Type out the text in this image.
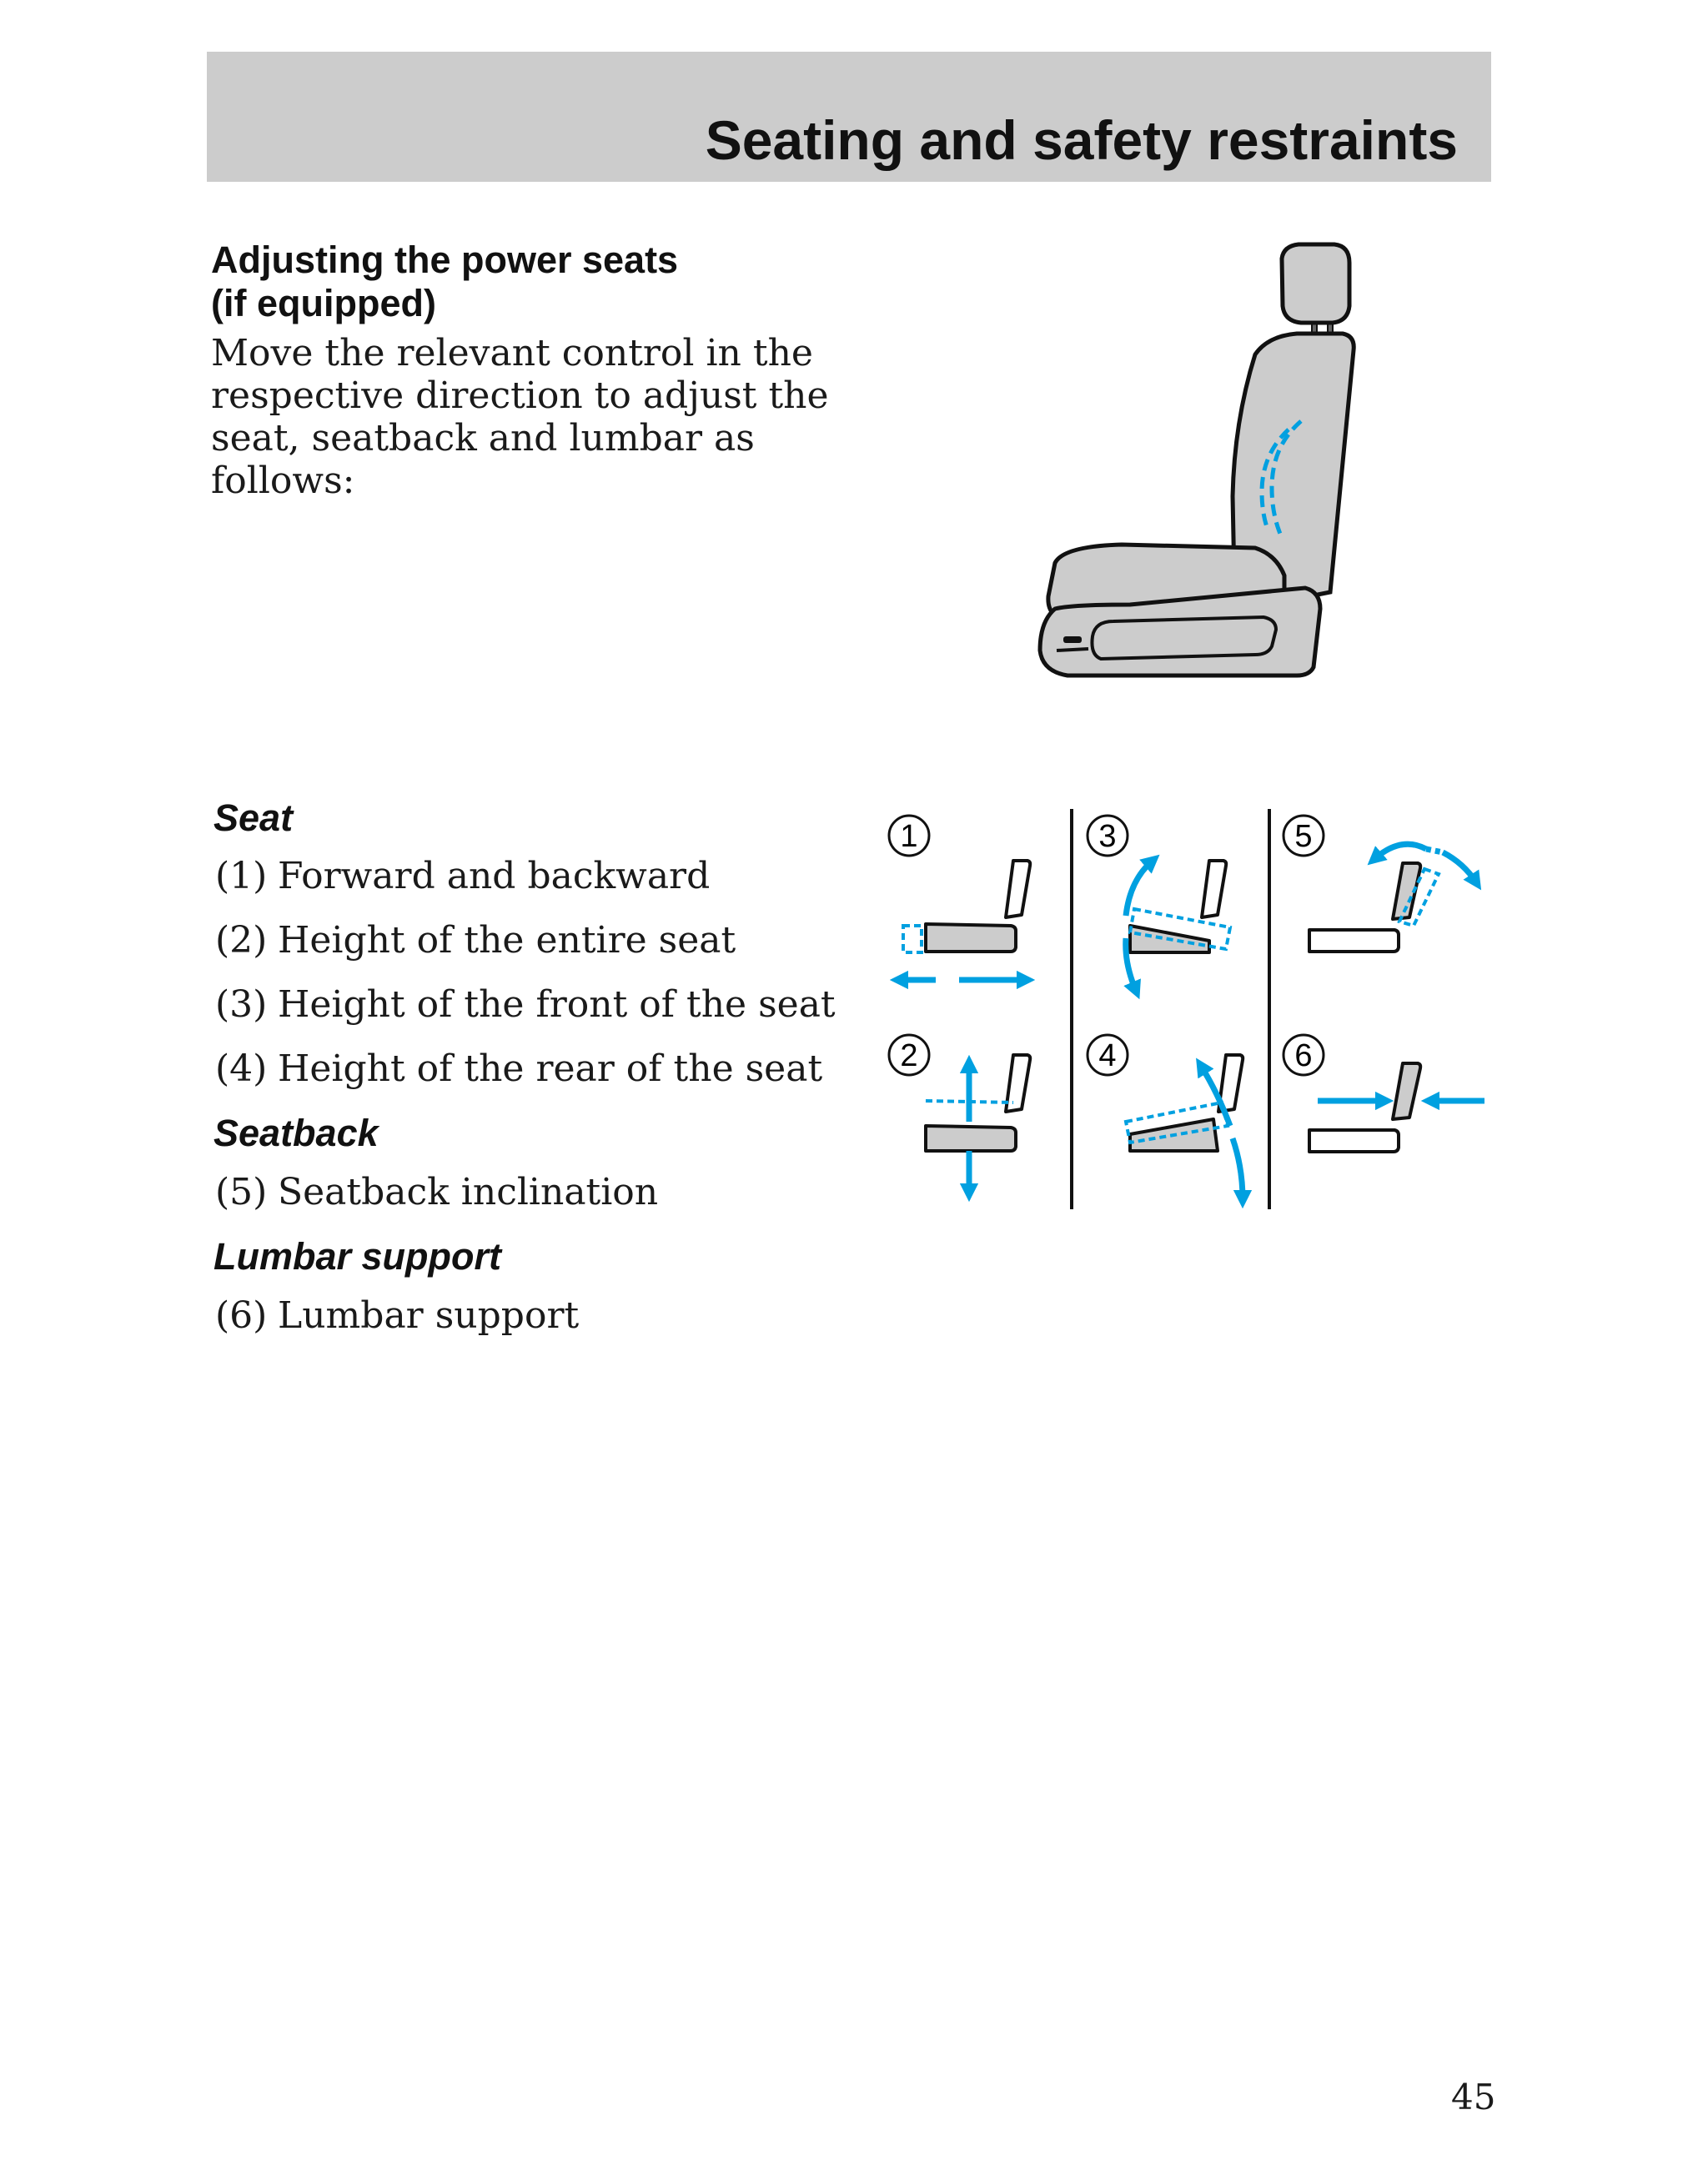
Seating and safety restraints
Adjusting the power seats
(if equipped)
Move the relevant control in the
respective direction to adjust the
seat, seatback and lumbar as
follows:
Seat
(1) Forward and backward
(2) Height of the entire seat
(3) Height of the front of the seat
(4) Height of the rear of the seat
Seatback
(5) Seatback inclination
Lumbar support
(6) Lumbar support
1
2
3
4
5
6
45
